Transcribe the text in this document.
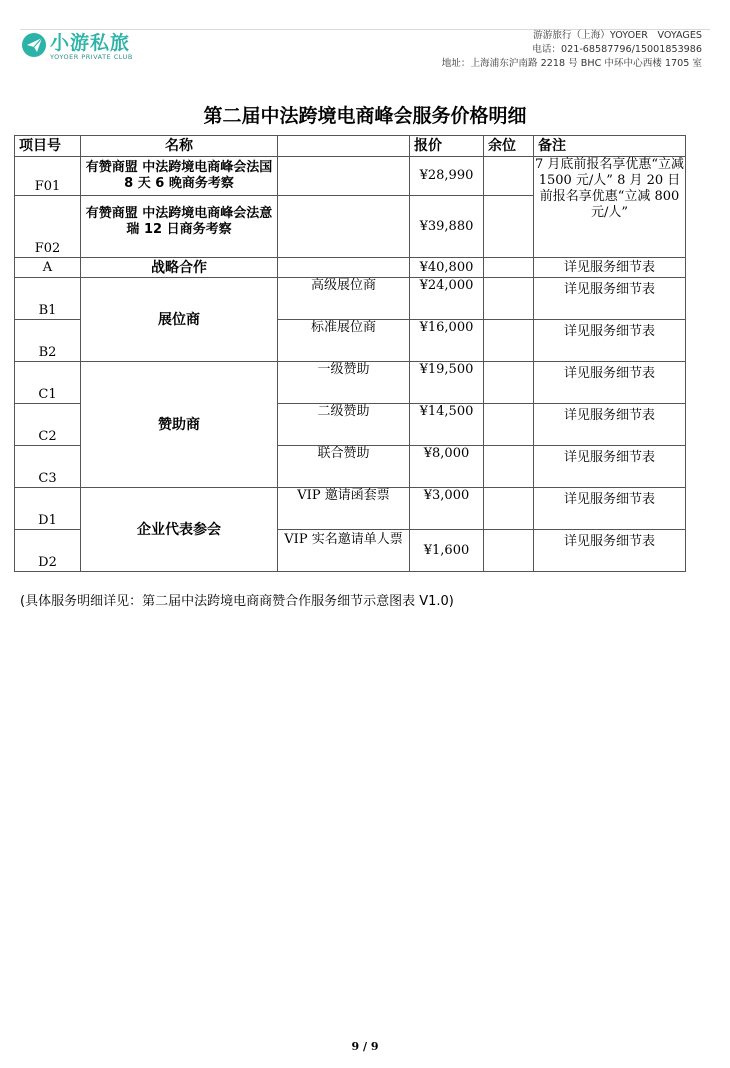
小游私旅
YOYOER PRIVATE CLUB
游游旅行（上海）YOYOER　VOYAGES
电话：021-68587796/15001853986
地址：上海浦东沪南路 2218 号 BHC 中环中心西楼 1705 室
第二届中法跨境电商峰会服务价格明细
项目号	名称		报价	余位	备注
F01	有赞商盟 中法跨境电商峰会法国 8 天 6 晚商务考察		¥28,990		7 月底前报名享优惠“立减 1500 元/人” 8 月 20 日前报名享优惠“立减 800 元/人”
F02	有赞商盟 中法跨境电商峰会法意瑞 12 日商务考察		¥39,880		
A	战略合作		¥40,800		详见服务细节表
B1	展位商	高级展位商	¥24,000		详见服务细节表
B2		标准展位商	¥16,000		详见服务细节表
C1	赞助商	一级赞助	¥19,500		详见服务细节表
C2		二级赞助	¥14,500		详见服务细节表
C3		联合赞助	¥8,000		详见服务细节表
D1	企业代表参会	VIP 邀请函套票	¥3,000		详见服务细节表
D2		VIP 实名邀请单人票	¥1,600		详见服务细节表
(具体服务明细详见：第二届中法跨境电商商赞合作服务细节示意图表 V1.0)
9 / 9
